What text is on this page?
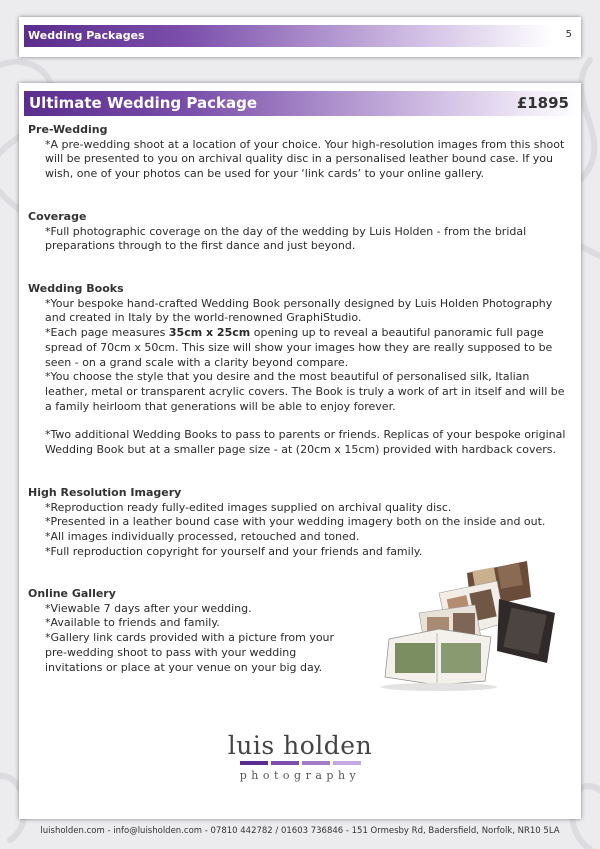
Wedding Packages	5
Ultimate Wedding Package	£1895
Pre-Wedding

*A pre-wedding shoot at a location of your choice. Your high-resolution images from this shoot will be presented to you on archival quality disc in a personalised leather bound case. If you wish, one of your photos can be used for your ‘link cards’ to your online gallery.

Coverage

*Full photographic coverage on the day of the wedding by Luis Holden - from the bridal preparations through to the first dance and just beyond.

Wedding Books

*Your bespoke hand-crafted Wedding Book personally designed by Luis Holden Photography and created in Italy by the world-renowned GraphiStudio.

*Each page measures 35cm x 25cm opening up to reveal a beautiful panoramic full page spread of 70cm x 50cm. This size will show your images how they are really supposed to be seen - on a grand scale with a clarity beyond compare.

*You choose the style that you desire and the most beautiful of personalised silk, Italian leather, metal or transparent acrylic covers. The Book is truly a work of art in itself and will be a family heirloom that generations will be able to enjoy forever.

*Two additional Wedding Books to pass to parents or friends. Replicas of your bespoke original Wedding Book but at a smaller page size - at (20cm x 15cm) provided with hardback covers.

High Resolution Imagery

*Reproduction ready fully-edited images supplied on archival quality disc.

*Presented in a leather bound case with your wedding imagery both on the inside and out.

*All images individually processed, retouched and toned.

*Full reproduction copyright for yourself and your friends and family.

Online Gallery

*Viewable 7 days after your wedding.

*Available to friends and family.

*Gallery link cards provided with a picture from your pre-wedding shoot to pass with your wedding invitations or place at your venue on your big day.

luis holden
photography
luisholden.com - info@luisholden.com - 07810 442782 / 01603 736846 - 151 Ormesby Rd, Badersfield, Norfolk, NR10 5LA
